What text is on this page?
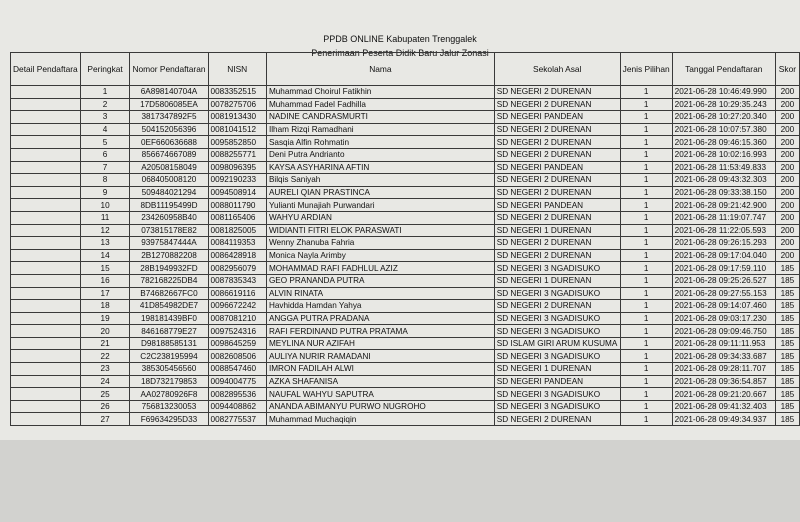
PPDB ONLINE Kabupaten Trenggalek
Penerimaan Peserta Didik Baru Jalur Zonasi
Detail Pendaftara	Peringkat	Nomor Pendaftaran	NISN	Nama	Sekolah Asal	Jenis Pilihan	Tanggal Pendaftaran	Skor
	1	6A898140704A	0083352515	Muhammad Choirul Fatikhin	SD NEGERI 2 DURENAN	1	2021-06-28 10:46:49.990	200
	2	17D5806085EA	0078275706	Muhammad Fadel Fadhilla	SD NEGERI 2 DURENAN	1	2021-06-28 10:29:35.243	200
	3	3817347892F5	0081913430	NADINE CANDRASMURTI	SD NEGERI PANDEAN	1	2021-06-28 10:27:20.340	200
	4	504152056396	0081041512	Ilham Rizqi Ramadhani	SD NEGERI 2 DURENAN	1	2021-06-28 10:07:57.380	200
	5	0EF660636688	0095852850	Sasqia Alfin Rohmatin	SD NEGERI 2 DURENAN	1	2021-06-28 09:46:15.360	200
	6	856674667089	0088255771	Deni Putra Andrianto	SD NEGERI 2 DURENAN	1	2021-06-28 10:02:16.993	200
	7	A20508158049	0098096395	KAYSA ASYHARINA AFTIN	SD NEGERI PANDEAN	1	2021-06-28 11:53:49.833	200
	8	068405008120	0092190233	Bilqis Saniyah	SD NEGERI 2 DURENAN	1	2021-06-28 09:43:32.303	200
	9	509484021294	0094508914	AURELI QIAN PRASTINCA	SD NEGERI 2 DURENAN	1	2021-06-28 09:33:38.150	200
	10	8DB11195499D	0088011790	Yulianti Munajiah Purwandari	SD NEGERI PANDEAN	1	2021-06-28 09:21:42.900	200
	11	234260958B40	0081165406	WAHYU ARDIAN	SD NEGERI 2 DURENAN	1	2021-06-28 11:19:07.747	200
	12	073815178E82	0081825005	WIDIANTI FITRI ELOK PARASWATI	SD NEGERI 1 DURENAN	1	2021-06-28 11:22:05.593	200
	13	93975847444A	0084119353	Wenny Zhanuba Fahria	SD NEGERI 2 DURENAN	1	2021-06-28 09:26:15.293	200
	14	2B1270882208	0086428918	Monica Nayla Arimby	SD NEGERI 2 DURENAN	1	2021-06-28 09:17:04.040	200
	15	28B1949932FD	0082956079	MOHAMMAD RAFI FADHLUL AZIZ	SD NEGERI 3 NGADISUKO	1	2021-06-28 09:17:59.110	185
	16	782168225DB4	0087835343	GEO PRANANDA PUTRA	SD NEGERI 1 DURENAN	1	2021-06-28 09:25:26.527	185
	17	B74682667FC0	0086619116	ALVIN RINATA	SD NEGERI 3 NGADISUKO	1	2021-06-28 09:27:55.153	185
	18	41D854982DE7	0096672242	Havhidda Hamdan Yahya	SD NEGERI 2 DURENAN	1	2021-06-28 09:14:07.460	185
	19	198181439BF0	0087081210	ANGGA PUTRA PRADANA	SD NEGERI 3 NGADISUKO	1	2021-06-28 09:03:17.230	185
	20	846168779E27	0097524316	RAFI FERDINAND PUTRA PRATAMA	SD NEGERI 3 NGADISUKO	1	2021-06-28 09:09:46.750	185
	21	D98188585131	0098645259	MEYLINA NUR AZIFAH	SD ISLAM GIRI ARUM KUSUMA	1	2021-06-28 09:11:11.953	185
	22	C2C238195994	0082608506	AULIYA NURIR RAMADANI	SD NEGERI 3 NGADISUKO	1	2021-06-28 09:34:33.687	185
	23	385305456560	0088547460	IMRON FADILAH ALWI	SD NEGERI 1 DURENAN	1	2021-06-28 09:28:11.707	185
	24	18D732179853	0094004775	AZKA SHAFANISA	SD NEGERI PANDEAN	1	2021-06-28 09:36:54.857	185
	25	AA02780926F8	0082895536	NAUFAL WAHYU SAPUTRA	SD NEGERI 3 NGADISUKO	1	2021-06-28 09:21:20.667	185
	26	756813230053	0094408862	ANANDA ABIMANYU PURWO NUGROHO	SD NEGERI 3 NGADISUKO	1	2021-06-28 09:41:32.403	185
	27	F69634295D33	0082775537	Muhammad Muchaqiqin	SD NEGERI 2 DURENAN	1	2021-06-28 09:49:34.937	185
